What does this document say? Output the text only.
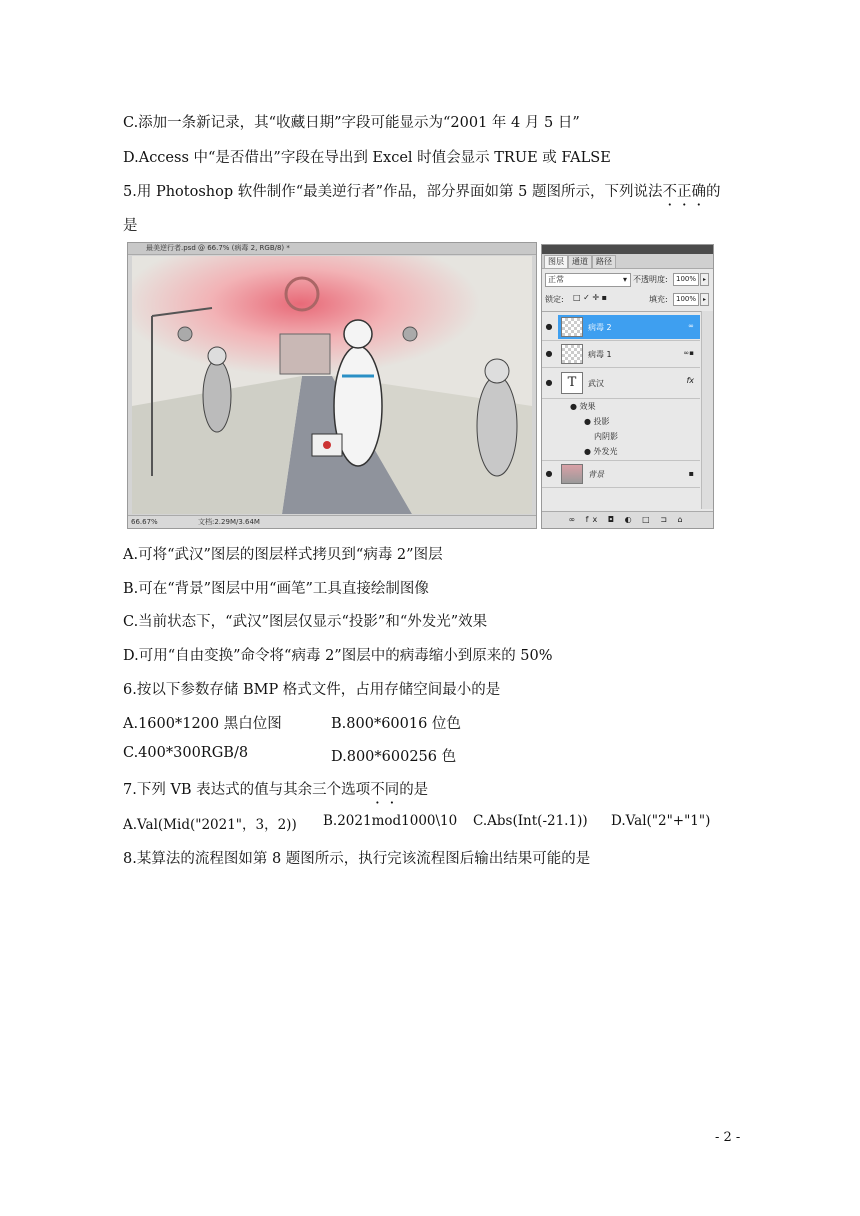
C.添加一条新记录，其“收藏日期”字段可能显示为“2001 年 4 月 5 日”
D.Access 中“是否借出”字段在导出到 Excel 时值会显示 TRUE 或 FALSE
5.用 Photoshop 软件制作“最美逆行者”作品，部分界面如第 5 题图所示，下列说法不正确的
是
最美逆行者.psd @ 66.7% (病毒 2, RGB/8) *
66.67%	文档:2.29M/3.64M
图层	通道	路径
正常	▾ 不透明度:	100%	▸
锁定: □ ✓ ✛ ▪	填充:	100%	▸
●	病毒 2	∞
●	病毒 1	∞▪
●	T	武汉	fx
● 效果
● 投影
内阴影
● 外发光
●	背景	▪
∞ fx ◘ ◐ □ ⊐ ⌂
A.可将“武汉”图层的图层样式拷贝到“病毒 2”图层
B.可在“背景”图层中用“画笔”工具直接绘制图像
C.当前状态下，“武汉”图层仅显示“投影”和“外发光”效果
D.可用“自由变换”命令将“病毒 2”图层中的病毒缩小到原来的 50%
6.按以下参数存储 BMP 格式文件，占用存储空间最小的是
A.1600*1200 黑白位图	B.800*60016 位色
C.400*300RGB/8	D.800*600256 色
7.下列 VB 表达式的值与其余三个选项不同的是
A.Val(Mid("2021"，3，2)) B.2021mod1000\10 C.Abs(Int(-21.1)) D.Val("2"+"1")
8.某算法的流程图如第 8 题图所示，执行完该流程图后输出结果可能的是
- 2 -
